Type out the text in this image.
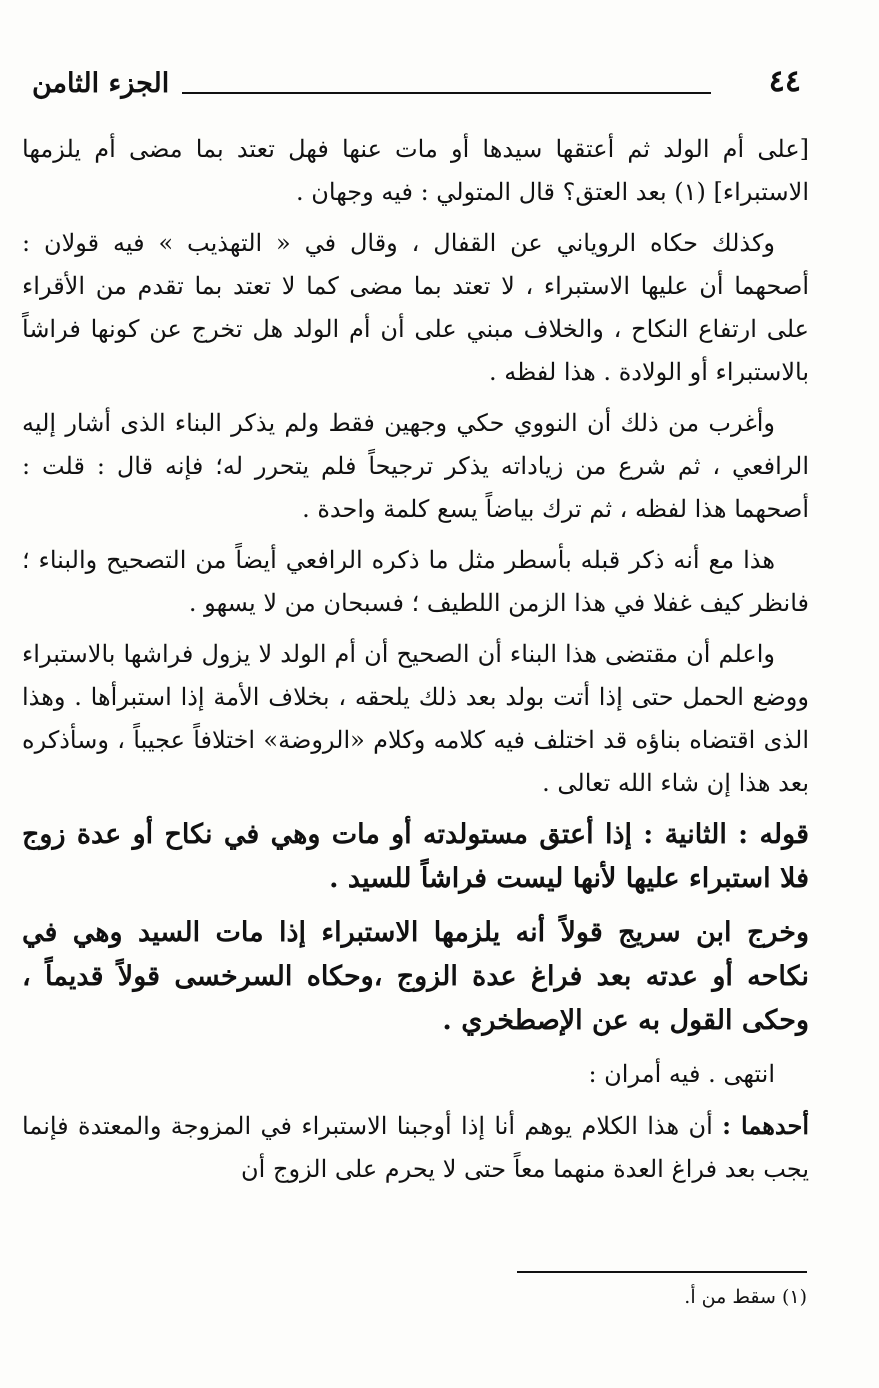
الجزء الثامن	٤٤

[على أم الولد ثم أعتقها سيدها أو مات عنها فهل تعتد بما مضى أم يلزمها الاستبراء] (١) بعد العتق؟ قال المتولي : فيه وجهان .

وكذلك حكاه الروياني عن القفال ، وقال في « التهذيب » فيه قولان : أصحهما أن عليها الاستبراء ، لا تعتد بما مضى كما لا تعتد بما تقدم من الأقراء على ارتفاع النكاح ، والخلاف مبني على أن أم الولد هل تخرج عن كونها فراشاً بالاستبراء أو الولادة . هذا لفظه .

وأغرب من ذلك أن النووي حكي وجهين فقط ولم يذكر البناء الذى أشار إليه الرافعي ، ثم شرع من زياداته يذكر ترجيحاً فلم يتحرر له؛ فإنه قال : قلت : أصحهما هذا لفظه ، ثم ترك بياضاً يسع كلمة واحدة .

هذا مع أنه ذكر قبله بأسطر مثل ما ذكره الرافعي أيضاً من التصحيح والبناء ؛ فانظر كيف غفلا في هذا الزمن اللطيف ؛ فسبحان من لا يسهو .

واعلم أن مقتضى هذا البناء أن الصحيح أن أم الولد لا يزول فراشها بالاستبراء ووضع الحمل حتى إذا أتت بولد بعد ذلك يلحقه ، بخلاف الأمة إذا استبرأها . وهذا الذى اقتضاه بناؤه قد اختلف فيه كلامه وكلام «الروضة» اختلافاً عجيباً ، وسأذكره بعد هذا إن شاء الله تعالى .

قوله : الثانية : إذا أعتق مستولدته أو مات وهي في نكاح أو عدة زوج فلا استبراء عليها لأنها ليست فراشاً للسيد .

وخرج ابن سريج قولاً أنه يلزمها الاستبراء إذا مات السيد وهي في نكاحه أو عدته بعد فراغ عدة الزوج ،وحكاه السرخسى قولاً قديماً ، وحكى القول به عن الإصطخري .

انتهى . فيه أمران :

أحدهما : أن هذا الكلام يوهم أنا إذا أوجبنا الاستبراء في المزوجة والمعتدة فإنما يجب بعد فراغ العدة منهما معاً حتى لا يحرم على الزوج أن

(١) سقط من أ.
